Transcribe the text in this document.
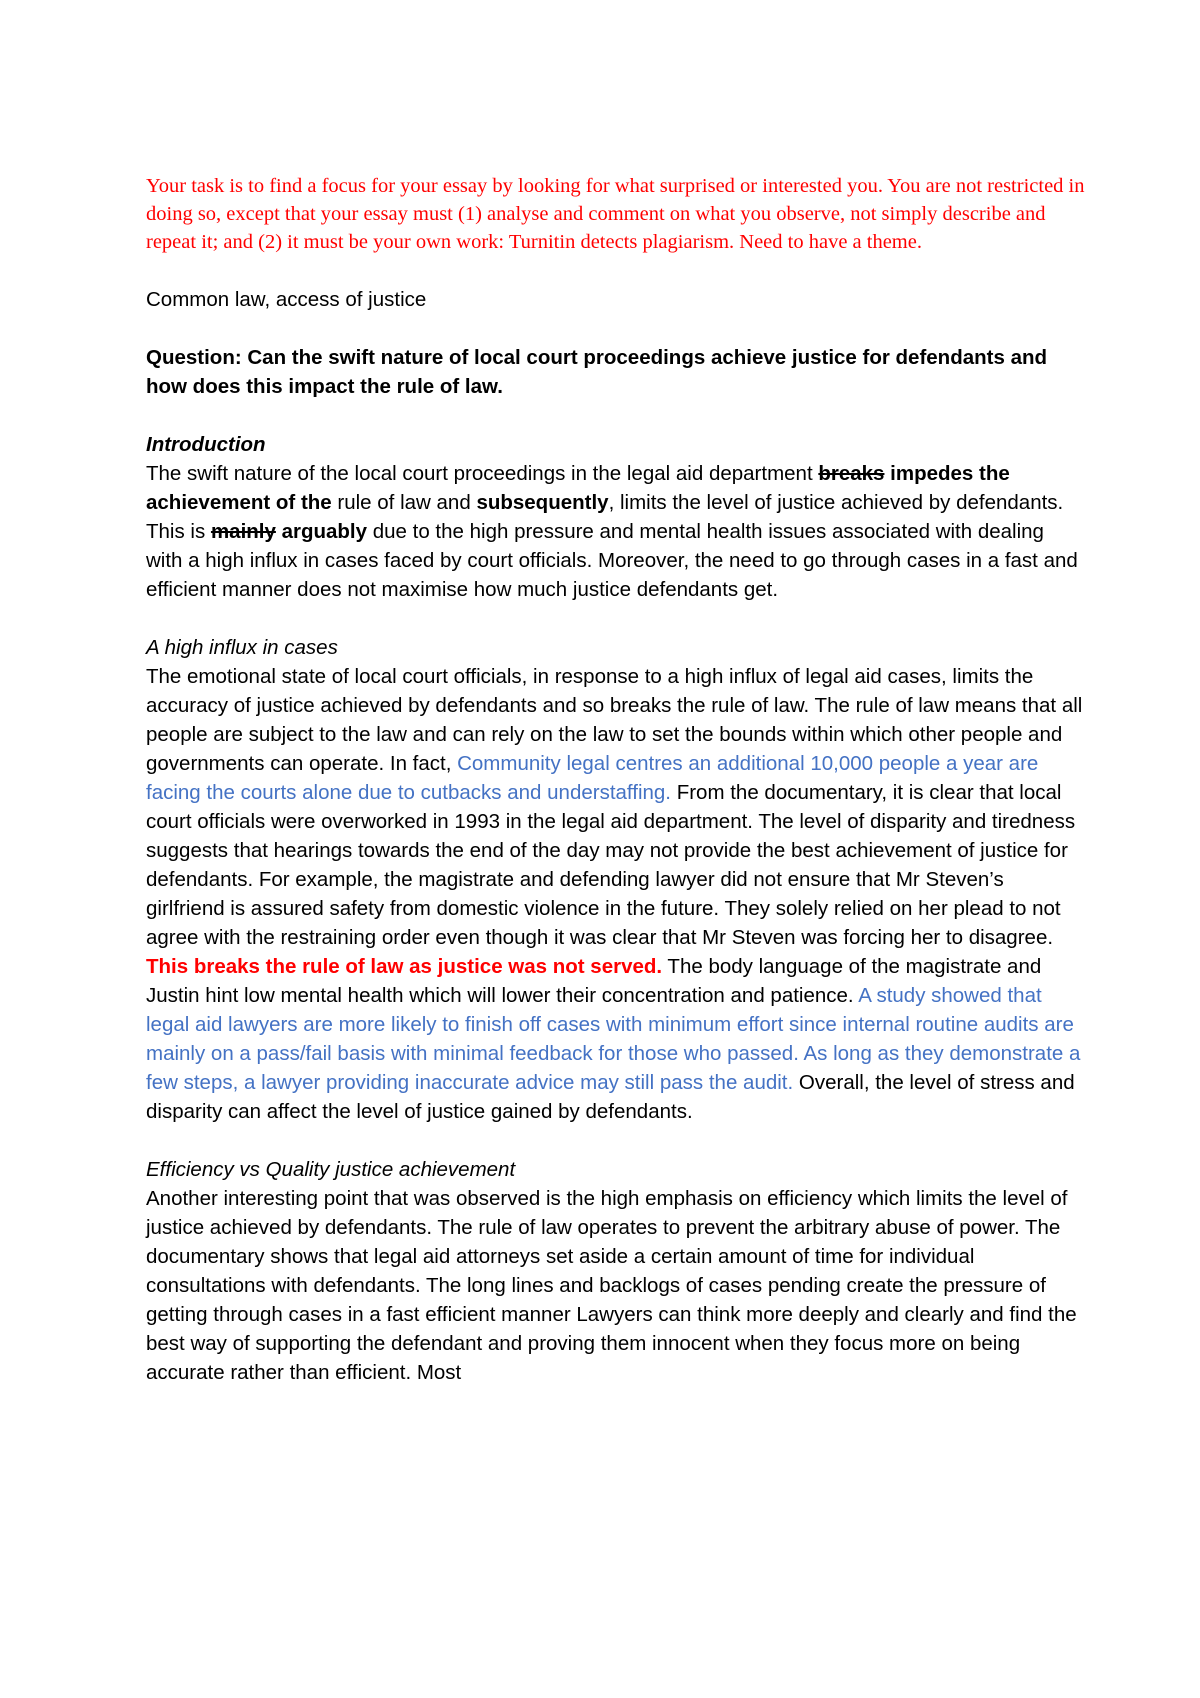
Your task is to find a focus for your essay by looking for what surprised or interested you. You are not restricted in doing so, except that your essay must (1) analyse and comment on what you observe, not simply describe and repeat it; and (2) it must be your own work: Turnitin detects plagiarism. Need to have a theme.

Common law, access of justice

Question: Can the swift nature of local court proceedings achieve justice for defendants and how does this impact the rule of law.

Introduction
The swift nature of the local court proceedings in the legal aid department breaks impedes the achievement of the rule of law and subsequently, limits the level of justice achieved by defendants. This is mainly arguably due to the high pressure and mental health issues associated with dealing with a high influx in cases faced by court officials. Moreover, the need to go through cases in a fast and efficient manner does not maximise how much justice defendants get.

A high influx in cases
The emotional state of local court officials, in response to a high influx of legal aid cases, limits the accuracy of justice achieved by defendants and so breaks the rule of law. The rule of law means that all people are subject to the law and can rely on the law to set the bounds within which other people and governments can operate. In fact, Community legal centres an additional 10,000 people a year are facing the courts alone due to cutbacks and understaffing. From the documentary, it is clear that local court officials were overworked in 1993 in the legal aid department. The level of disparity and tiredness suggests that hearings towards the end of the day may not provide the best achievement of justice for defendants. For example, the magistrate and defending lawyer did not ensure that Mr Steven’s girlfriend is assured safety from domestic violence in the future. They solely relied on her plead to not agree with the restraining order even though it was clear that Mr Steven was forcing her to disagree. This breaks the rule of law as justice was not served. The body language of the magistrate and Justin hint low mental health which will lower their concentration and patience. A study showed that legal aid lawyers are more likely to finish off cases with minimum effort since internal routine audits are mainly on a pass/fail basis with minimal feedback for those who passed. As long as they demonstrate a few steps, a lawyer providing inaccurate advice may still pass the audit. Overall, the level of stress and disparity can affect the level of justice gained by defendants.

Efficiency vs Quality justice achievement
Another interesting point that was observed is the high emphasis on efficiency which limits the level of justice achieved by defendants. The rule of law operates to prevent the arbitrary abuse of power. The documentary shows that legal aid attorneys set aside a certain amount of time for individual consultations with defendants. The long lines and backlogs of cases pending create the pressure of getting through cases in a fast efficient manner Lawyers can think more deeply and clearly and find the best way of supporting the defendant and proving them innocent when they focus more on being accurate rather than efficient. Most
